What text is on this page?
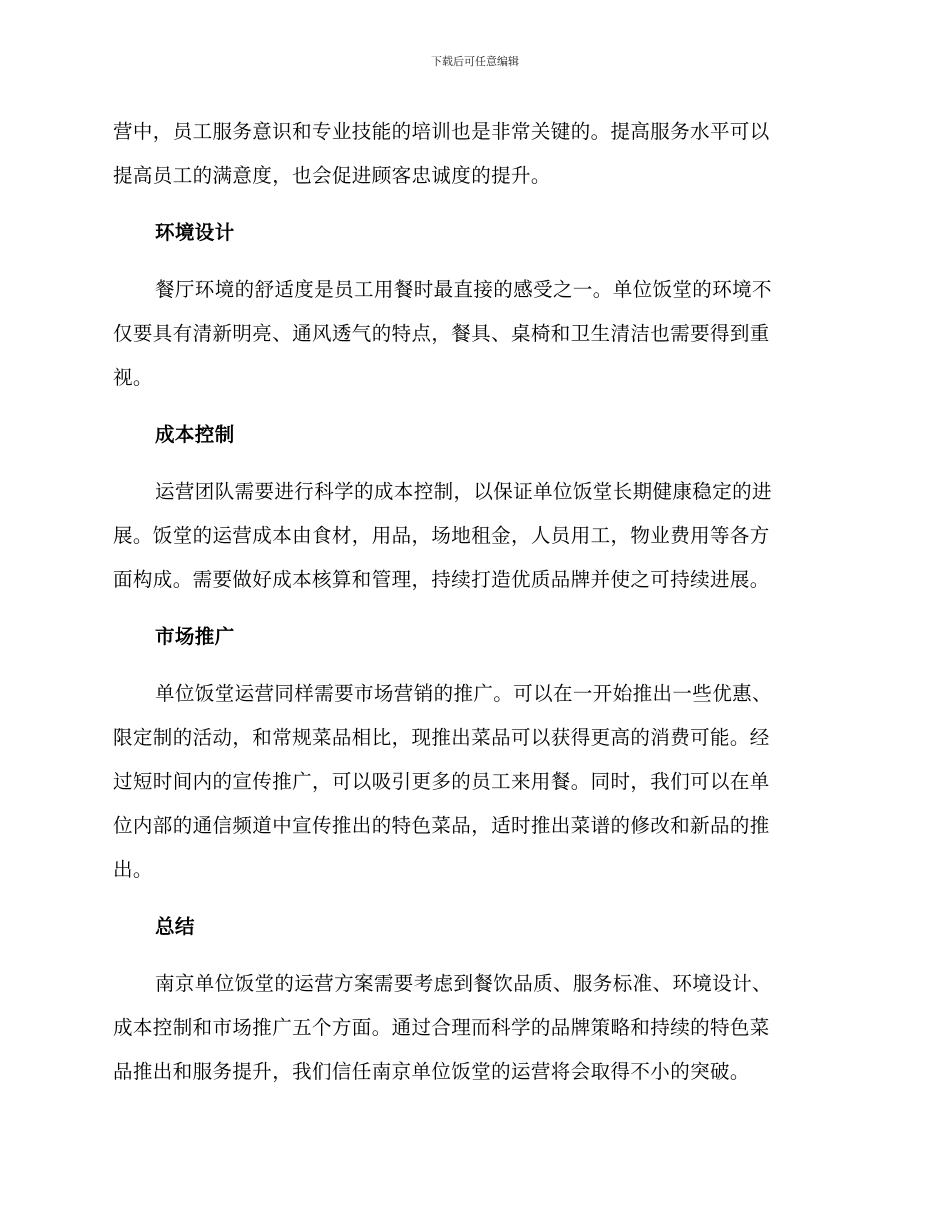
下载后可任意编辑

营中，员工服务意识和专业技能的培训也是非常关键的。提高服务水平可以
提高员工的满意度，也会促进顾客忠诚度的提升。

环境设计

餐厅环境的舒适度是员工用餐时最直接的感受之一。单位饭堂的环境不
仅要具有清新明亮、通风透气的特点，餐具、桌椅和卫生清洁也需要得到重
视。

成本控制

运营团队需要进行科学的成本控制，以保证单位饭堂长期健康稳定的进
展。饭堂的运营成本由食材，用品，场地租金，人员用工，物业费用等各方
面构成。需要做好成本核算和管理，持续打造优质品牌并使之可持续进展。

市场推广

单位饭堂运营同样需要市场营销的推广。可以在一开始推出一些优惠、
限定制的活动，和常规菜品相比，现推出菜品可以获得更高的消费可能。经
过短时间内的宣传推广，可以吸引更多的员工来用餐。同时，我们可以在单
位内部的通信频道中宣传推出的特色菜品，适时推出菜谱的修改和新品的推
出。

总结

南京单位饭堂的运营方案需要考虑到餐饮品质、服务标准、环境设计、
成本控制和市场推广五个方面。通过合理而科学的品牌策略和持续的特色菜
品推出和服务提升，我们信任南京单位饭堂的运营将会取得不小的突破。
